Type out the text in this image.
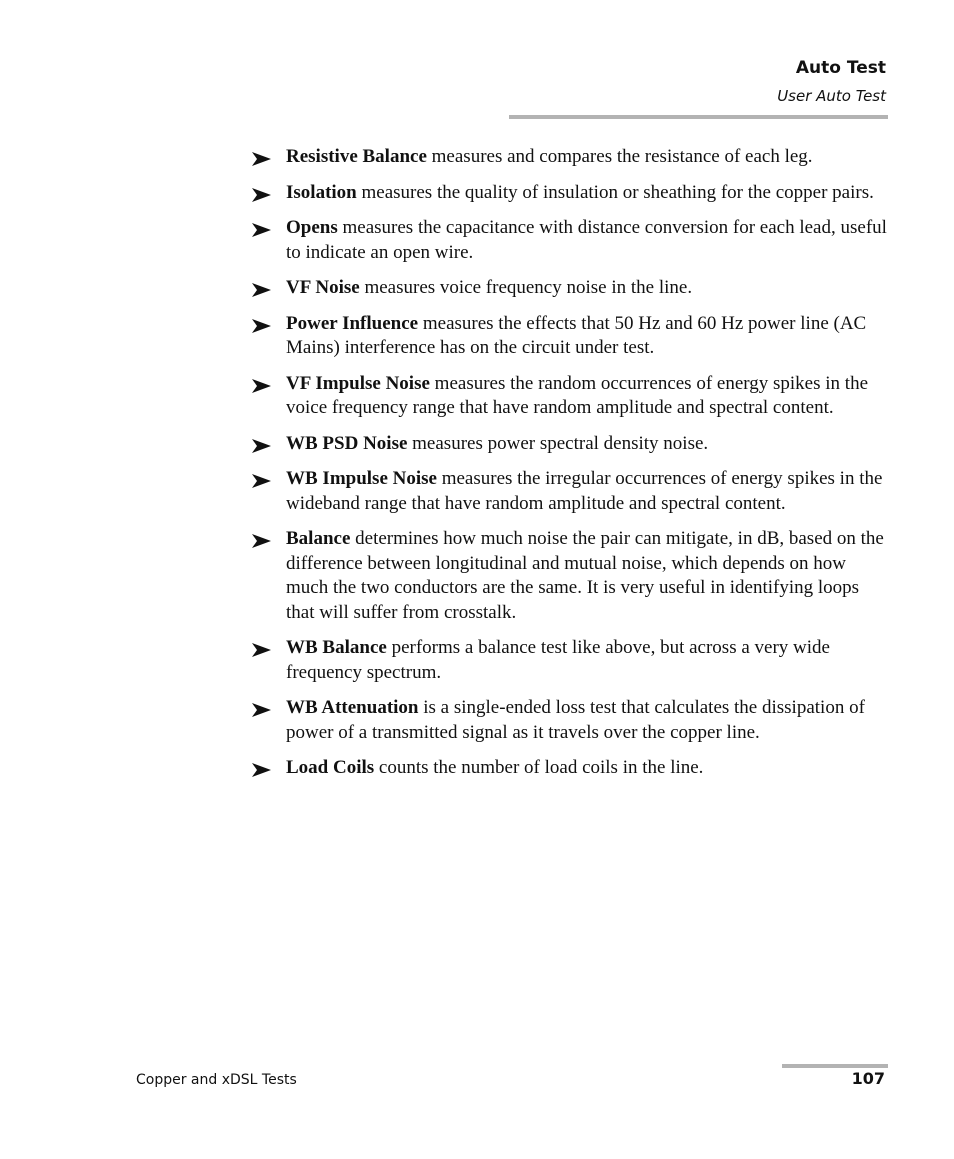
Auto Test
User Auto Test
Resistive Balance measures and compares the resistance of each leg.
Isolation measures the quality of insulation or sheathing for the copper pairs.
Opens measures the capacitance with distance conversion for each lead, useful to indicate an open wire.
VF Noise measures voice frequency noise in the line.
Power Influence measures the effects that 50 Hz and 60 Hz power line (AC Mains) interference has on the circuit under test.
VF Impulse Noise measures the random occurrences of energy spikes in the voice frequency range that have random amplitude and spectral content.
WB PSD Noise measures power spectral density noise.
WB Impulse Noise measures the irregular occurrences of energy spikes in the wideband range that have random amplitude and spectral content.
Balance determines how much noise the pair can mitigate, in dB, based on the difference between longitudinal and mutual noise, which depends on how much the two conductors are the same. It is very useful in identifying loops that will suffer from crosstalk.
WB Balance performs a balance test like above, but across a very wide frequency spectrum.
WB Attenuation is a single-ended loss test that calculates the dissipation of power of a transmitted signal as it travels over the copper line.
Load Coils counts the number of load coils in the line.
Copper and xDSL Tests	107
